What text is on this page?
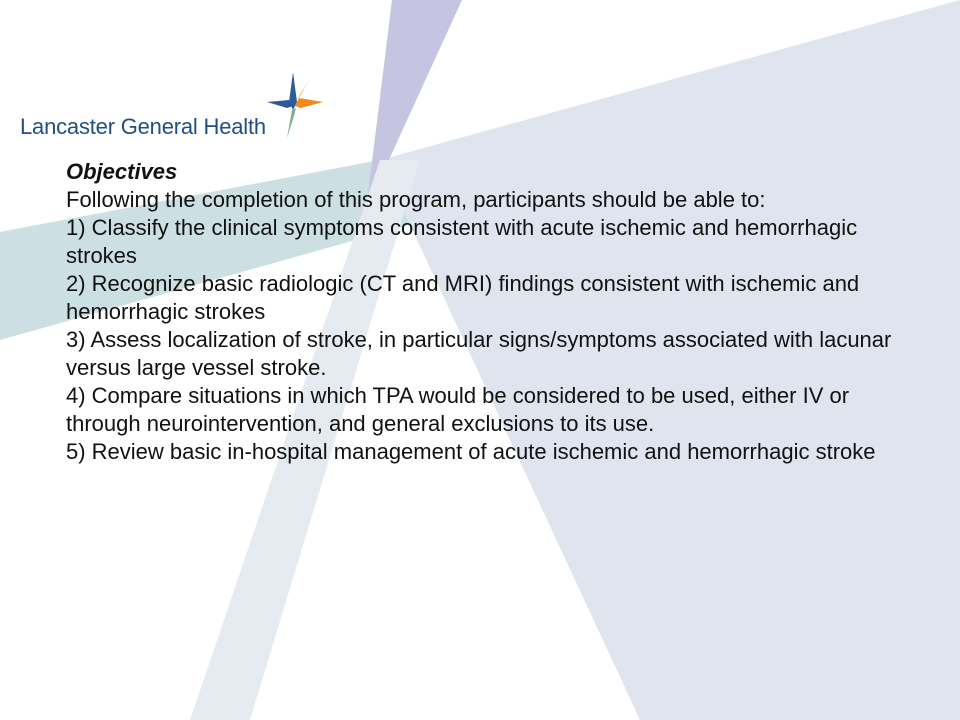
Lancaster General Health

Objectives

Following the completion of this program, participants should be able to:

1) Classify the clinical symptoms consistent with acute ischemic and hemorrhagic strokes

2) Recognize basic radiologic (CT and MRI) findings consistent with ischemic and hemorrhagic strokes

3) Assess localization of stroke, in particular signs/symptoms associated with lacunar versus large vessel stroke.

4) Compare situations in which TPA would be considered to be used, either IV or through neurointervention, and general exclusions to its use.

5) Review basic in-hospital management of acute ischemic and hemorrhagic stroke
